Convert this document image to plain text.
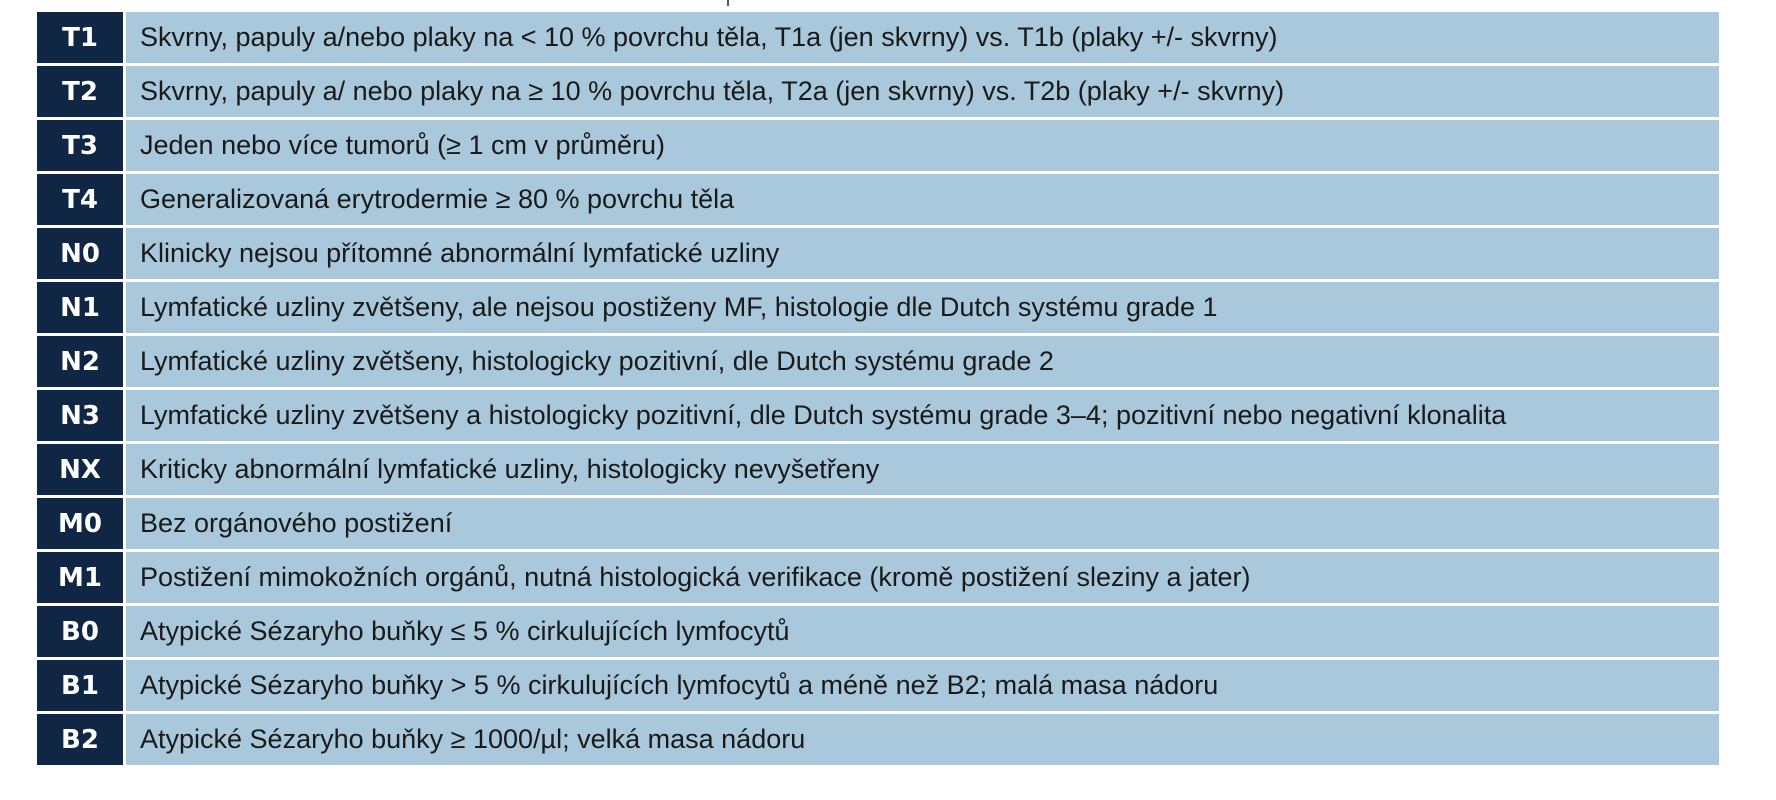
T1	Skvrny, papuly a/nebo plaky na < 10 % povrchu těla, T1a (jen skvrny) vs. T1b (plaky +/- skvrny)
T2	Skvrny, papuly a/ nebo plaky na ≥ 10 % povrchu těla, T2a (jen skvrny) vs. T2b (plaky +/- skvrny)
T3	Jeden nebo více tumorů (≥ 1 cm v průměru)
T4	Generalizovaná erytrodermie ≥ 80 % povrchu těla
N0	Klinicky nejsou přítomné abnormální lymfatické uzliny
N1	Lymfatické uzliny zvětšeny, ale nejsou postiženy MF, histologie dle Dutch systému grade 1
N2	Lymfatické uzliny zvětšeny, histologicky pozitivní, dle Dutch systému grade 2
N3	Lymfatické uzliny zvětšeny a histologicky pozitivní, dle Dutch systému grade 3–4; pozitivní nebo negativní klonalita
NX	Kriticky abnormální lymfatické uzliny, histologicky nevyšetřeny
M0	Bez orgánového postižení
M1	Postižení mimokožních orgánů, nutná histologická verifikace (kromě postižení sleziny a jater)
B0	Atypické Sézaryho buňky ≤ 5 % cirkulujících lymfocytů
B1	Atypické Sézaryho buňky > 5 % cirkulujících lymfocytů a méně než B2; malá masa nádoru
B2	Atypické Sézaryho buňky ≥ 1000/µl; velká masa nádoru
